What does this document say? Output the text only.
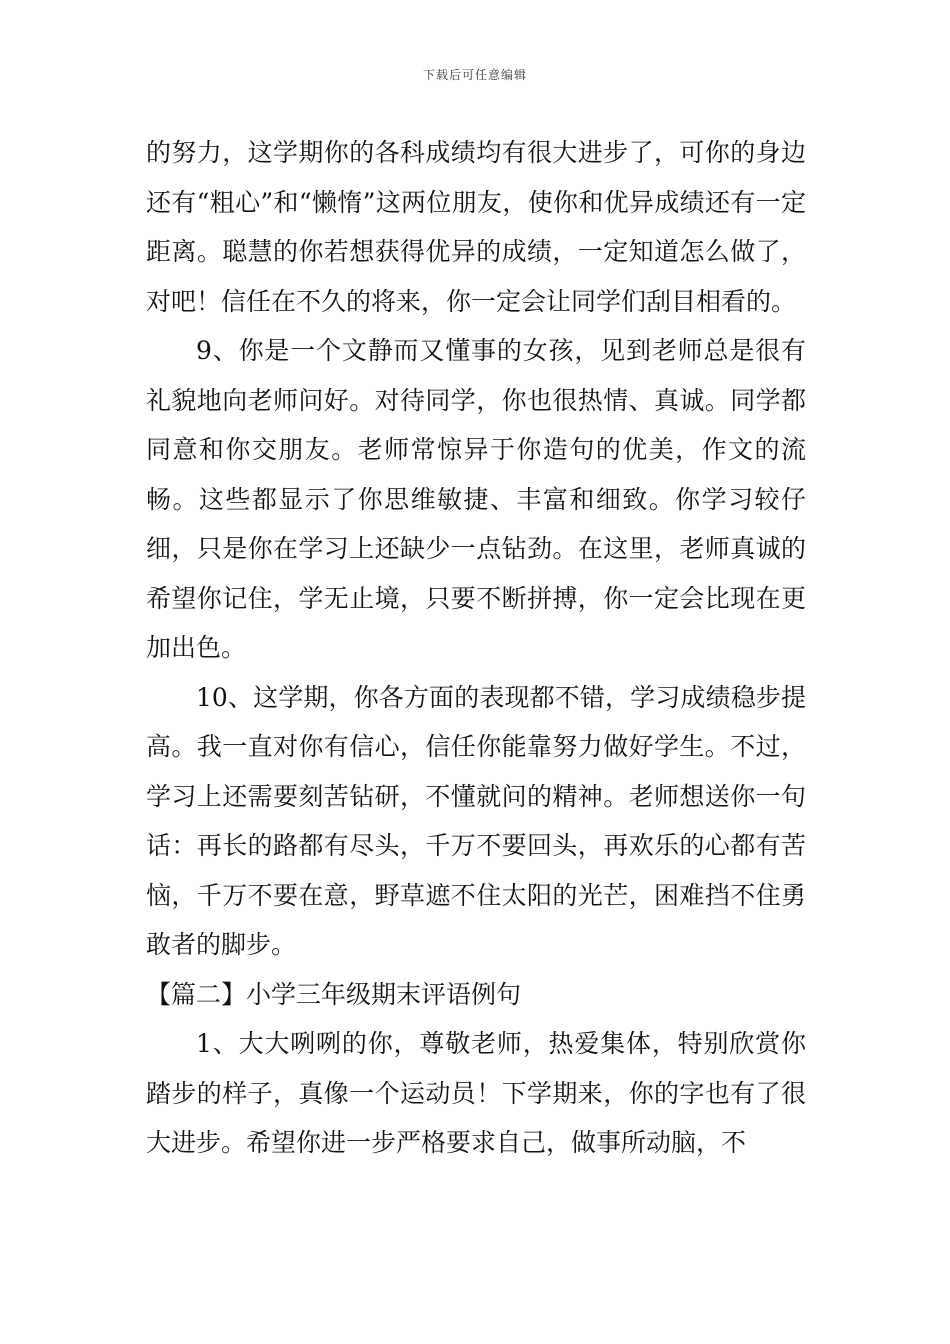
下载后可任意编辑

的努力，这学期你的各科成绩均有很大进步了，可你的身边还有“粗心”和“懒惰”这两位朋友，使你和优异成绩还有一定距离。聪慧的你若想获得优异的成绩，一定知道怎么做了，对吧！信任在不久的将来，你一定会让同学们刮目相看的。

9、你是一个文静而又懂事的女孩，见到老师总是很有礼貌地向老师问好。对待同学，你也很热情、真诚。同学都同意和你交朋友。老师常惊异于你造句的优美，作文的流畅。这些都显示了你思维敏捷、丰富和细致。你学习较仔细，只是你在学习上还缺少一点钻劲。在这里，老师真诚的希望你记住，学无止境，只要不断拼搏，你一定会比现在更加出色。

10、这学期，你各方面的表现都不错，学习成绩稳步提高。我一直对你有信心，信任你能靠努力做好学生。不过，学习上还需要刻苦钻研，不懂就问的精神。老师想送你一句话：再长的路都有尽头，千万不要回头，再欢乐的心都有苦恼，千万不要在意，野草遮不住太阳的光芒，困难挡不住勇敢者的脚步。

【篇二】小学三年级期末评语例句

1、大大咧咧的你，尊敬老师，热爱集体，特别欣赏你踏步的样子，真像一个运动员！下学期来，你的字也有了很大进步。希望你进一步严格要求自己，做事所动脑，不
